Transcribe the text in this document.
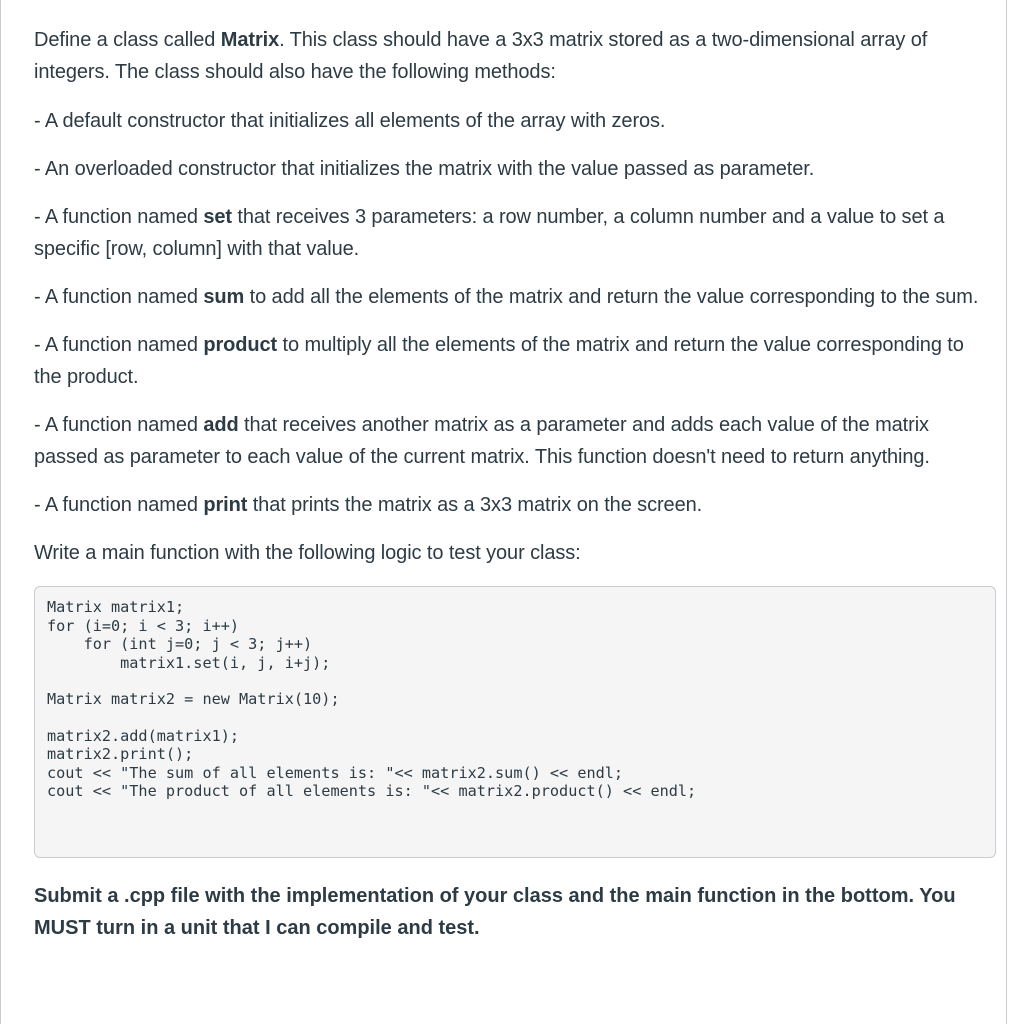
Define a class called Matrix. This class should have a 3x3 matrix stored as a two-dimensional array of integers. The class should also have the following methods:

- A default constructor that initializes all elements of the array with zeros.

- An overloaded constructor that initializes the matrix with the value passed as parameter.

- A function named set that receives 3 parameters: a row number, a column number and a value to set a specific [row, column] with that value.

- A function named sum to add all the elements of the matrix and return the value corresponding to the sum.

- A function named product to multiply all the elements of the matrix and return the value corresponding to the product.

- A function named add that receives another matrix as a parameter and adds each value of the matrix passed as parameter to each value of the current matrix. This function doesn't need to return anything.

- A function named print that prints the matrix as a 3x3 matrix on the screen.

Write a main function with the following logic to test your class:

Matrix matrix1;
for (i=0; i < 3; i++)
for (int j=0; j < 3; j++)
matrix1.set(i, j, i+j);
Matrix matrix2 = new Matrix(10);
matrix2.add(matrix1);
matrix2.print();
cout << "The sum of all elements is: "<< matrix2.sum() << endl;
cout << "The product of all elements is: "<< matrix2.product() << endl;
Submit a .cpp file with the implementation of your class and the main function in the bottom. You MUST turn in a unit that I can compile and test.
